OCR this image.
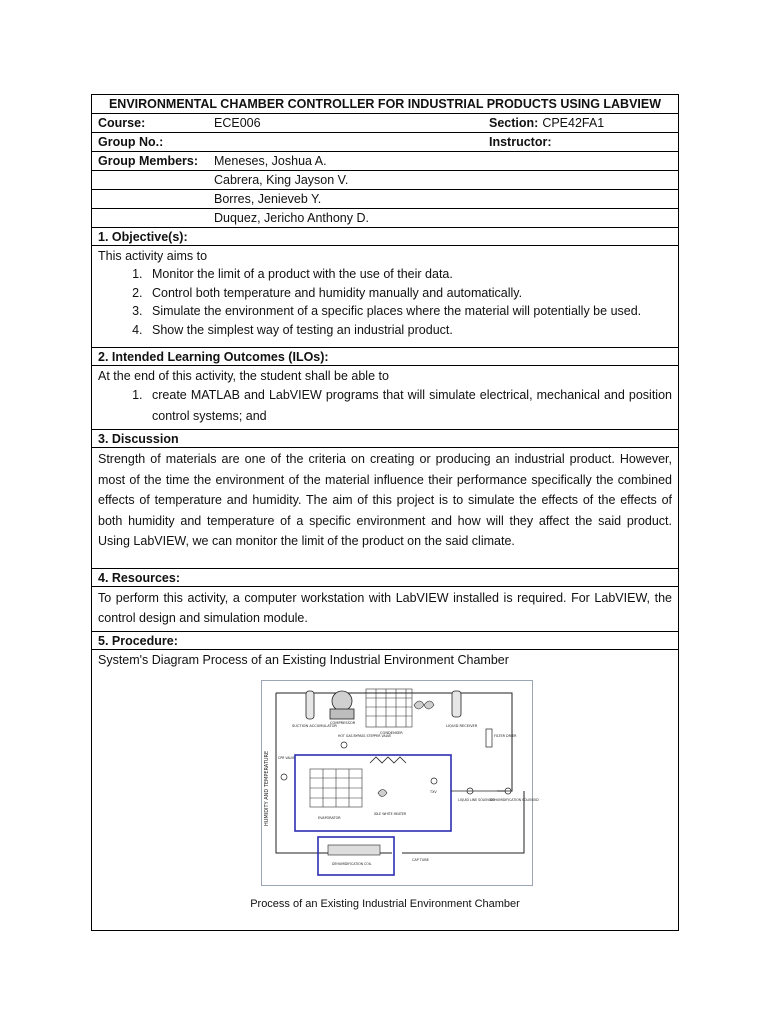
ENVIRONMENTAL CHAMBER CONTROLLER FOR INDUSTRIAL PRODUCTS USING LABVIEW
Course:	ECE006	Section: CPE42FA1
Group No.:	Instructor:
Group Members:	Meneses, Joshua A.
Cabrera, King Jayson V.
Borres, Jenieveb Y.
Duquez, Jericho Anthony D.
1. Objective(s):

This activity aims to

1. Monitor the limit of a product with the use of their data.
2. Control both temperature and humidity manually and automatically.
3. Simulate the environment of a specific places where the material will potentially be used.
4. Show the simplest way of testing an industrial product.
2. Intended Learning Outcomes (ILOs):

At the end of this activity, the student shall be able to

1. create MATLAB and LabVIEW programs that will simulate electrical, mechanical and position control systems; and
3. Discussion

Strength of materials are one of the criteria on creating or producing an industrial product. However, most of the time the environment of the material influence their performance specifically the combined effects of temperature and humidity. The aim of this project is to simulate the effects of the effects of both humidity and temperature of a specific environment and how will they affect the said product. Using LabVIEW, we can monitor the limit of the product on the said climate.

4. Resources:

To perform this activity, a computer workstation with LabVIEW installed is required. For LabVIEW, the control design and simulation module.

5. Procedure:

System's Diagram Process of an Existing Industrial Environment Chamber

HUMIDITY AND TEMPERATURE
SUCTION ACCUMULATOR
COMPRESSOR
CONDENSER
LIQUID RECEIVER
FILTER DRIER
HOT GAS BYPASS STEPPER VALVE
CPR VALVE
EVAPORATOR
IDLE WHITE HEATER
TXV
LIQUID LINE SOLENOID
DEHUMIDIFICATION SOLENOID
DEHUMIDIFICATION COIL
CAP TUBE
Process of an Existing Industrial Environment Chamber
